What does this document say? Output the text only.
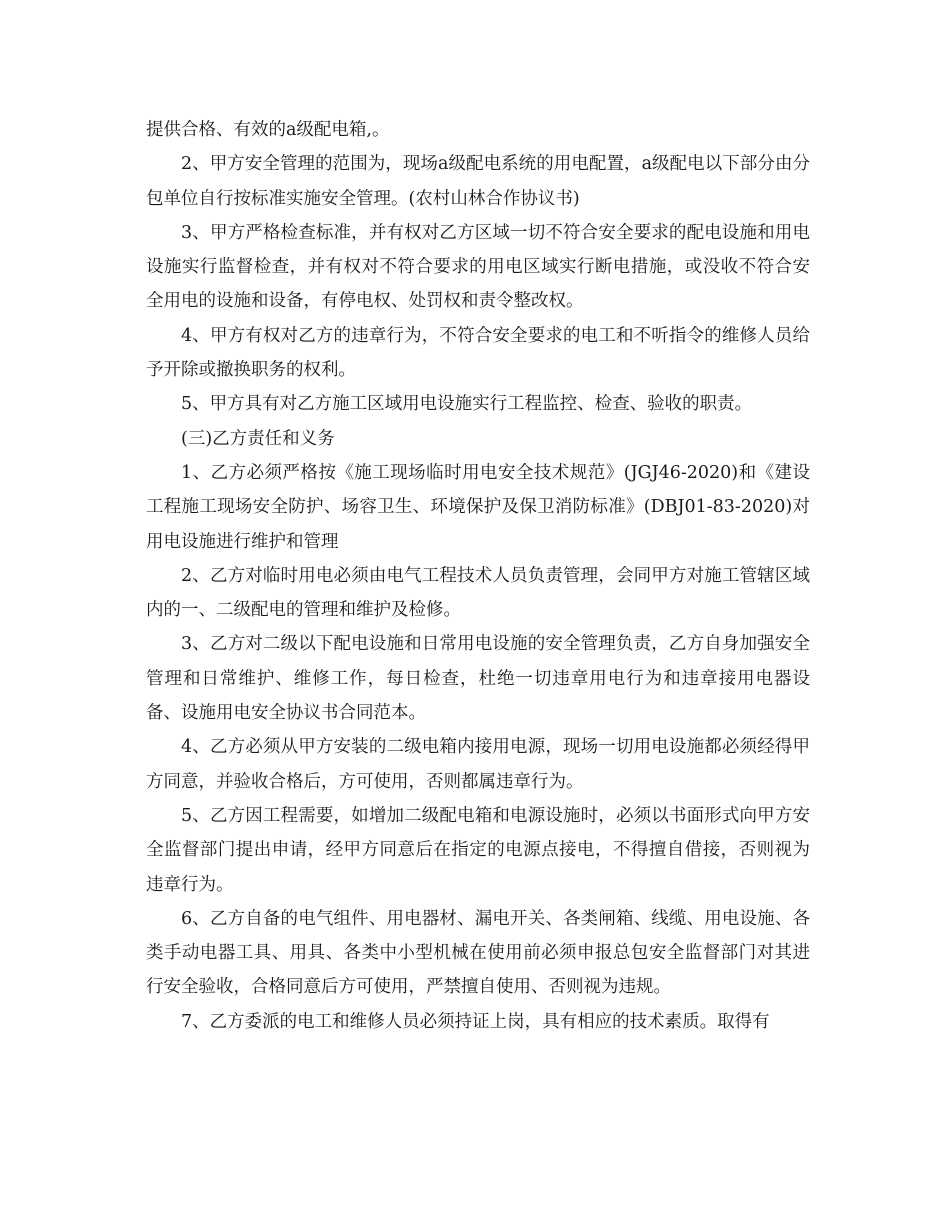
提供合格、有效的a级配电箱,。

2、甲方安全管理的范围为，现场a级配电系统的用电配置，a级配电以下部分由分包单位自行按标准实施安全管理。(农村山林合作协议书)

3、甲方严格检查标准，并有权对乙方区域一切不符合安全要求的配电设施和用电设施实行监督检查，并有权对不符合要求的用电区域实行断电措施，或没收不符合安全用电的设施和设备，有停电权、处罚权和责令整改权。

4、甲方有权对乙方的违章行为，不符合安全要求的电工和不听指令的维修人员给予开除或撤换职务的权利。

5、甲方具有对乙方施工区域用电设施实行工程监控、检查、验收的职责。

(三)乙方责任和义务

1、乙方必须严格按《施工现场临时用电安全技术规范》(JGJ46-2020)和《建设工程施工现场安全防护、场容卫生、环境保护及保卫消防标准》(DBJ01-83-2020)对用电设施进行维护和管理

2、乙方对临时用电必须由电气工程技术人员负责管理，会同甲方对施工管辖区域内的一、二级配电的管理和维护及检修。

3、乙方对二级以下配电设施和日常用电设施的安全管理负责，乙方自身加强安全管理和日常维护、维修工作，每日检查，杜绝一切违章用电行为和违章接用电器设备、设施用电安全协议书合同范本。

4、乙方必须从甲方安装的二级电箱内接用电源，现场一切用电设施都必须经得甲方同意，并验收合格后，方可使用，否则都属违章行为。

5、乙方因工程需要，如增加二级配电箱和电源设施时，必须以书面形式向甲方安全监督部门提出申请，经甲方同意后在指定的电源点接电，不得擅自借接，否则视为违章行为。

6、乙方自备的电气组件、用电器材、漏电开关、各类闸箱、线缆、用电设施、各类手动电器工具、用具、各类中小型机械在使用前必须申报总包安全监督部门对其进行安全验收，合格同意后方可使用，严禁擅自使用、否则视为违规。

7、乙方委派的电工和维修人员必须持证上岗，具有相应的技术素质。取得有
